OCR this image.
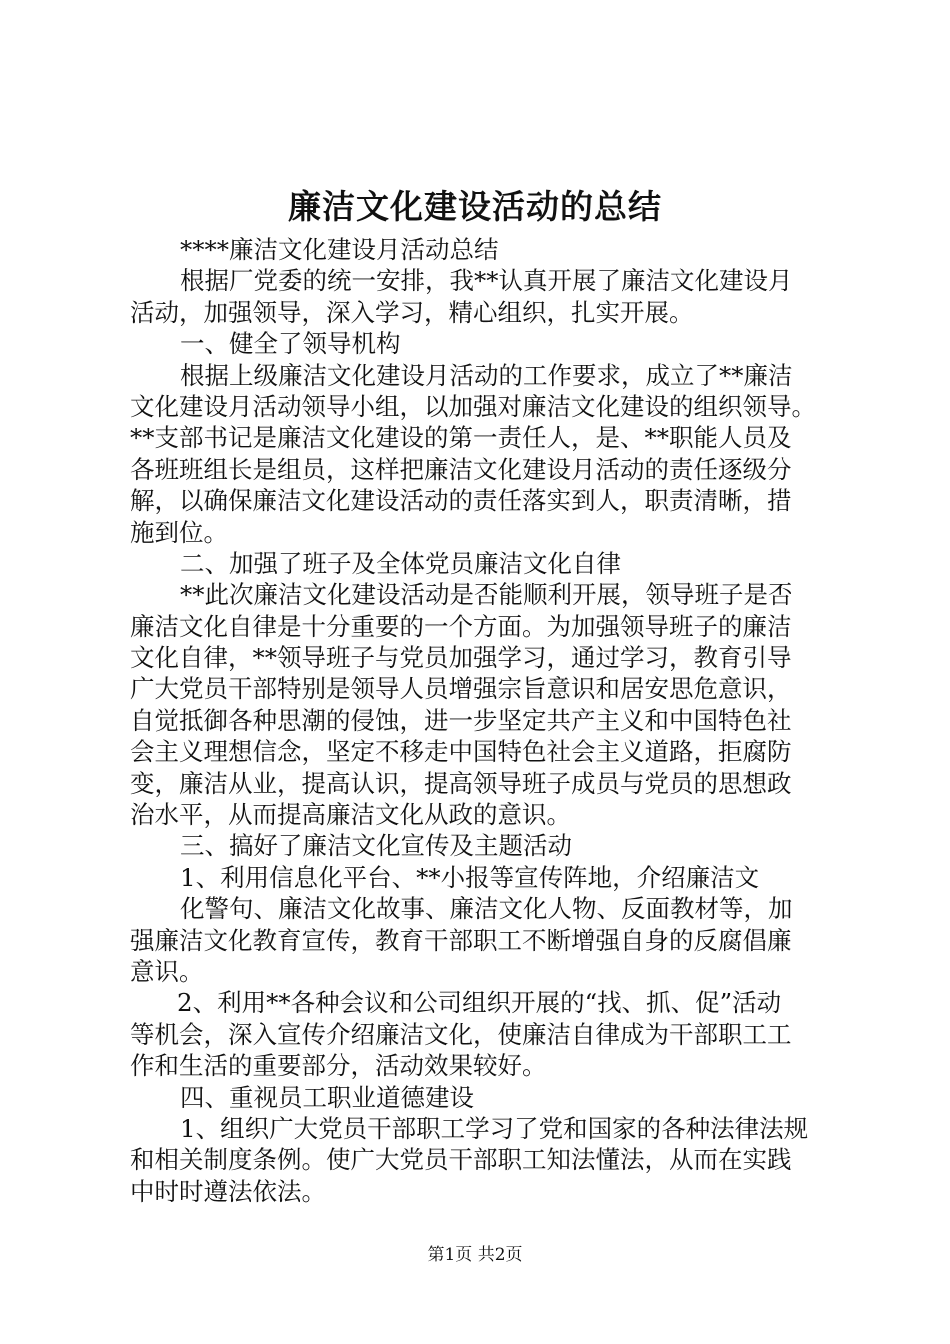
廉洁文化建设活动的总结
****廉洁文化建设月活动总结
根据厂党委的统一安排，我**认真开展了廉洁文化建设月
活动，加强领导，深入学习，精心组织，扎实开展。
一、健全了领导机构
根据上级廉洁文化建设月活动的工作要求，成立了**廉洁
文化建设月活动领导小组，以加强对廉洁文化建设的组织领导。
**支部书记是廉洁文化建设的第一责任人，是、**职能人员及
各班班组长是组员，这样把廉洁文化建设月活动的责任逐级分
解，以确保廉洁文化建设活动的责任落实到人，职责清晰，措
施到位。
二、加强了班子及全体党员廉洁文化自律
**此次廉洁文化建设活动是否能顺利开展，领导班子是否
廉洁文化自律是十分重要的一个方面。为加强领导班子的廉洁
文化自律，**领导班子与党员加强学习，通过学习，教育引导
广大党员干部特别是领导人员增强宗旨意识和居安思危意识，
自觉抵御各种思潮的侵蚀，进一步坚定共产主义和中国特色社
会主义理想信念，坚定不移走中国特色社会主义道路，拒腐防
变，廉洁从业，提高认识，提高领导班子成员与党员的思想政
治水平，从而提高廉洁文化从政的意识。
三、搞好了廉洁文化宣传及主题活动
1、利用信息化平台、**小报等宣传阵地，介绍廉洁文
化警句、廉洁文化故事、廉洁文化人物、反面教材等，加
强廉洁文化教育宣传，教育干部职工不断增强自身的反腐倡廉
意识。
2、利用**各种会议和公司组织开展的“找、抓、促”活动
等机会，深入宣传介绍廉洁文化，使廉洁自律成为干部职工工
作和生活的重要部分，活动效果较好。
四、重视员工职业道德建设
1、组织广大党员干部职工学习了党和国家的各种法律法规
和相关制度条例。使广大党员干部职工知法懂法，从而在实践
中时时遵法依法。
第1页 共2页
